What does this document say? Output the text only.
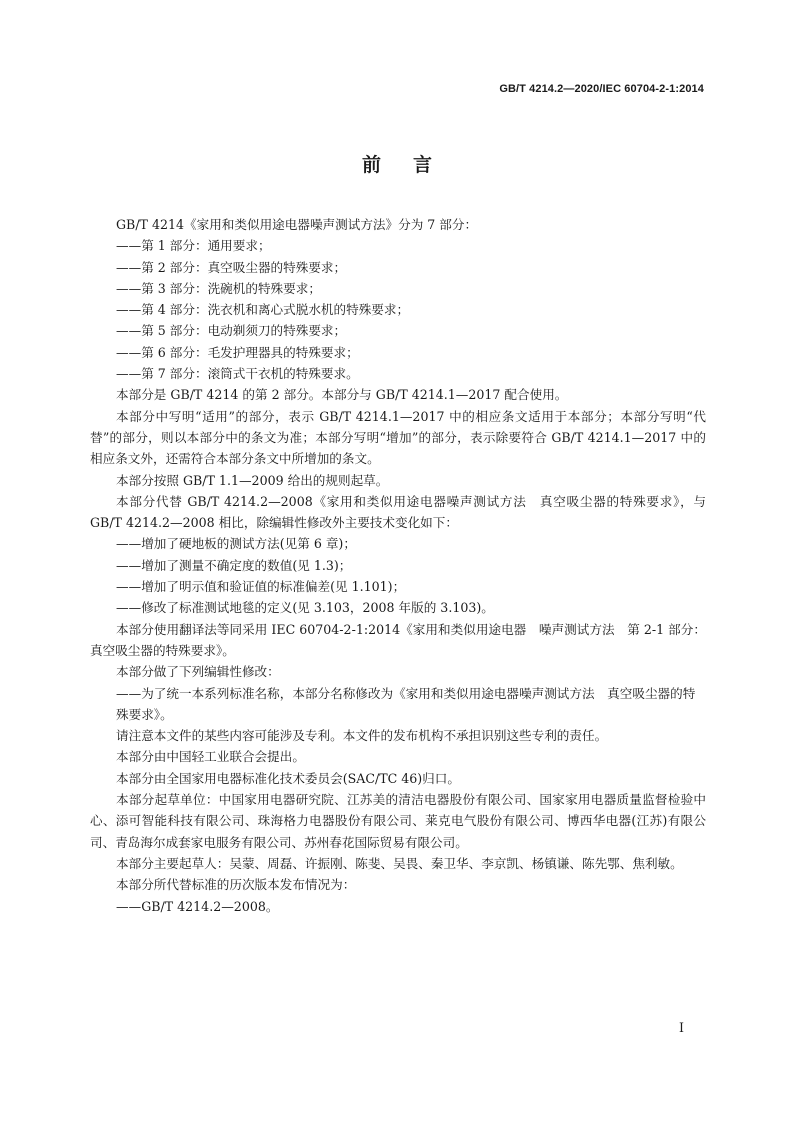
GB/T 4214.2—2020/IEC 60704-2-1:2014
前言

GB/T 4214《家用和类似用途电器噪声测试方法》分为 7 部分：

——第 1 部分：通用要求；

——第 2 部分：真空吸尘器的特殊要求；

——第 3 部分：洗碗机的特殊要求；

——第 4 部分：洗衣机和离心式脱水机的特殊要求；

——第 5 部分：电动剃须刀的特殊要求；

——第 6 部分：毛发护理器具的特殊要求；

——第 7 部分：滚筒式干衣机的特殊要求。

本部分是 GB/T 4214 的第 2 部分。本部分与 GB/T 4214.1—2017 配合使用。

本部分中写明“适用”的部分，表示 GB/T 4214.1—2017 中的相应条文适用于本部分；本部分写明“代替”的部分，则以本部分中的条文为准；本部分写明“增加”的部分，表示除要符合 GB/T 4214.1—2017 中的相应条文外，还需符合本部分条文中所增加的条文。

本部分按照 GB/T 1.1—2009 给出的规则起草。

本部分代替 GB/T 4214.2—2008《家用和类似用途电器噪声测试方法　真空吸尘器的特殊要求》，与 GB/T 4214.2—2008 相比，除编辑性修改外主要技术变化如下：

——增加了硬地板的测试方法(见第 6 章)；

——增加了测量不确定度的数值(见 1.3)；

——增加了明示值和验证值的标准偏差(见 1.101)；

——修改了标准测试地毯的定义(见 3.103，2008 年版的 3.103)。

本部分使用翻译法等同采用 IEC 60704-2-1:2014《家用和类似用途电器　噪声测试方法　第 2-1 部分：真空吸尘器的特殊要求》。

本部分做了下列编辑性修改：

——为了统一本系列标准名称，本部分名称修改为《家用和类似用途电器噪声测试方法　真空吸尘器的特殊要求》。

请注意本文件的某些内容可能涉及专利。本文件的发布机构不承担识别这些专利的责任。

本部分由中国轻工业联合会提出。

本部分由全国家用电器标准化技术委员会(SAC/TC 46)归口。

本部分起草单位：中国家用电器研究院、江苏美的清洁电器股份有限公司、国家家用电器质量监督检验中心、添可智能科技有限公司、珠海格力电器股份有限公司、莱克电气股份有限公司、博西华电器(江苏)有限公司、青岛海尔成套家电服务有限公司、苏州春花国际贸易有限公司。

本部分主要起草人：吴蒙、周磊、许振刚、陈斐、吴畏、秦卫华、李京凯、杨镇谦、陈先鄂、焦利敏。

本部分所代替标准的历次版本发布情况为：

——GB/T 4214.2—2008。

I
